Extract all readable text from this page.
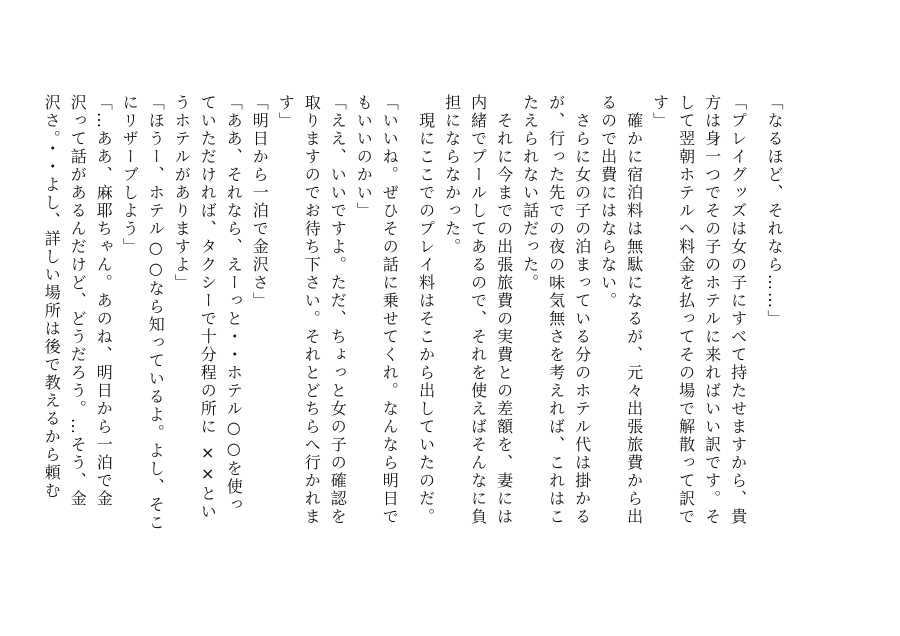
「なるほど、それなら……」

「プレイグッズは女の子にすべて持たせますから、貴

方は身一つでその子のホテルに来ればいい訳です。そ

して翌朝ホテルへ料金を払ってその場で解散って訳で

す」

確かに宿泊料は無駄になるが、元々出張旅費から出

るので出費にはならない。

さらに女の子の泊まっている分のホテル代は掛かる

が、行った先での夜の味気無さを考えれば、これはこ

たえられない話だった。

それに今までの出張旅費の実費との差額を、妻には

内緒でプールしてあるので、それを使えばそんなに負

担にならなかった。

現にここでのプレイ料はそこから出していたのだ。

「いいね。ぜひその話に乗せてくれ。なんなら明日で

もいいのかい」

「ええ、いいですよ。ただ、ちょっと女の子の確認を

取りますのでお待ち下さい。それとどちらへ行かれま

す」

「明日から一泊で金沢さ」

「ああ、それなら、えーっと・・ホテル○○を使っ

ていただければ、タクシーで十分程の所に ××とい

うホテルがありますよ」

「ほうー、ホテル○○なら知っているよ。よし、そこ

にリザーブしよう」

「…ああ、麻耶ちゃん。あのね、明日から一泊で金

沢って話があるんだけど、どうだろう。…そう、金

沢さ。・・よし、詳しい場所は後で教えるから頼む
